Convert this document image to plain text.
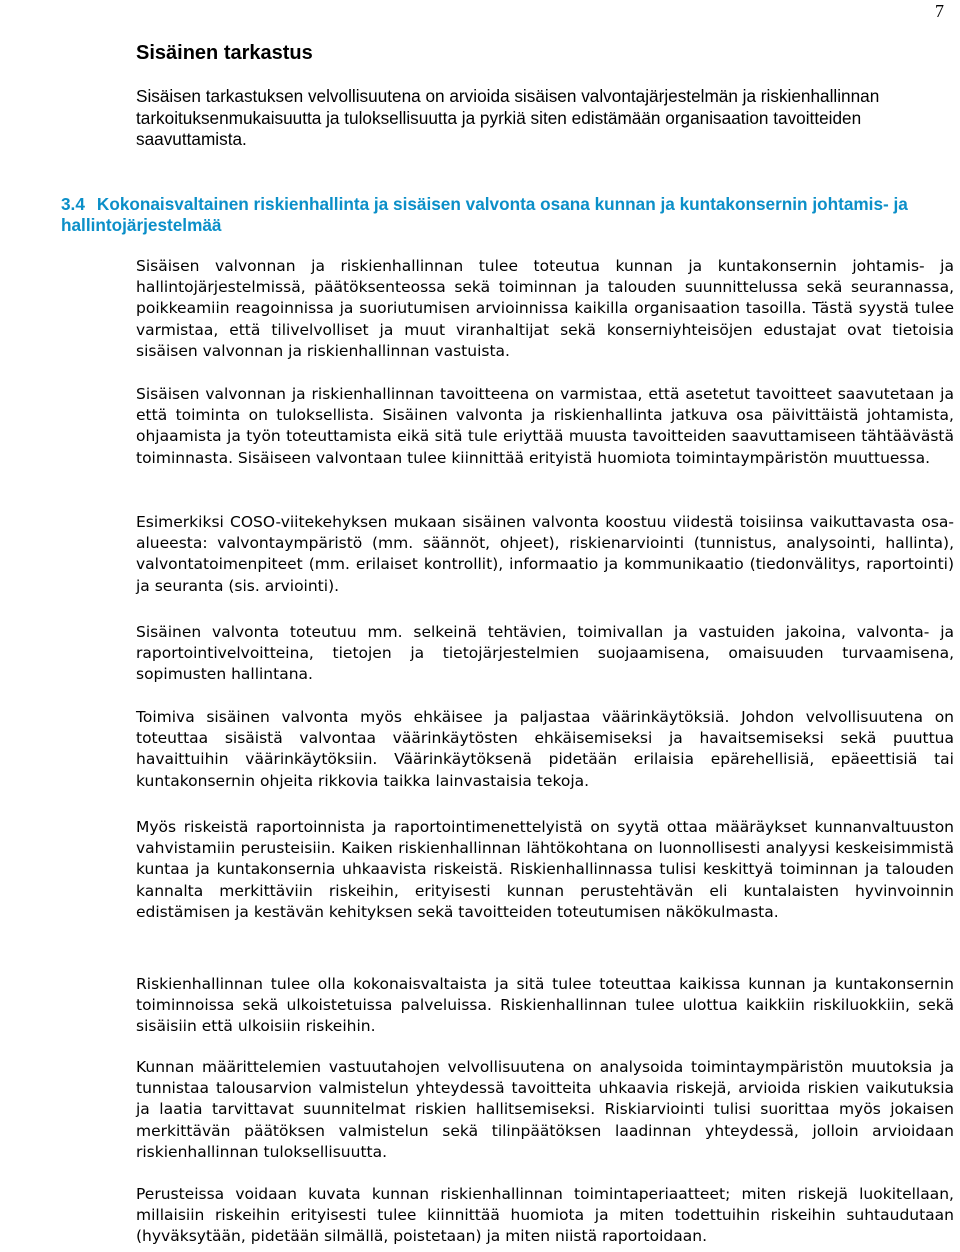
7
Sisäinen tarkastus

Sisäisen tarkastuksen velvollisuutena on arvioida sisäisen valvontajärjestelmän ja riskienhallinnan tarkoituksenmukaisuutta ja tuloksellisuutta ja pyrkiä siten edistämään organisaation tavoitteiden saavuttamista.

3.4 Kokonaisvaltainen riskienhallinta ja sisäisen valvonta osana kunnan ja kuntakonsernin johtamis- ja hallintojärjestelmää

Sisäisen valvonnan ja riskienhallinnan tulee toteutua kunnan ja kuntakonsernin johtamis- ja hallintojärjestelmissä, päätöksenteossa sekä toiminnan ja talouden suunnittelussa sekä seurannassa, poikkeamiin reagoinnissa ja suoriutumisen arvioinnissa kaikilla organisaation tasoilla. Tästä syystä tulee varmistaa, että tilivelvolliset ja muut viranhaltijat sekä konserniyhteisöjen edustajat ovat tietoisia sisäisen valvonnan ja riskienhallinnan vastuista.

Sisäisen valvonnan ja riskienhallinnan tavoitteena on varmistaa, että asetetut tavoitteet saavutetaan ja että toiminta on tuloksellista. Sisäinen valvonta ja riskienhallinta jatkuva osa päivittäistä johtamista, ohjaamista ja työn toteuttamista eikä sitä tule eriyttää muusta tavoitteiden saavuttamiseen tähtäävästä toiminnasta. Sisäiseen valvontaan tulee kiinnittää erityistä huomiota toimintaympäristön muuttuessa.

Esimerkiksi COSO-viitekehyksen mukaan sisäinen valvonta koostuu viidestä toisiinsa vaikuttavasta osa-alueesta: valvontaympäristö (mm. säännöt, ohjeet), riskienarviointi (tunnistus, analysointi, hallinta), valvontatoimenpiteet (mm. erilaiset kontrollit), informaatio ja kommunikaatio (tiedonvälitys, raportointi) ja seuranta (sis. arviointi).

Sisäinen valvonta toteutuu mm. selkeinä tehtävien, toimivallan ja vastuiden jakoina, valvonta- ja raportointivelvoitteina, tietojen ja tietojärjestelmien suojaamisena, omaisuuden turvaamisena, sopimusten hallintana.

Toimiva sisäinen valvonta myös ehkäisee ja paljastaa väärinkäytöksiä. Johdon velvollisuutena on toteuttaa sisäistä valvontaa väärinkäytösten ehkäisemiseksi ja havaitsemiseksi sekä puuttua havaittuihin väärinkäytöksiin. Väärinkäytöksenä pidetään erilaisia epärehellisiä, epäeettisiä tai kuntakonsernin ohjeita rikkovia taikka lainvastaisia tekoja.

Myös riskeistä raportoinnista ja raportointimenettelyistä on syytä ottaa määräykset kunnanvaltuuston vahvistamiin perusteisiin. Kaiken riskienhallinnan lähtökohtana on luonnollisesti analyysi keskeisimmistä kuntaa ja kuntakonsernia uhkaavista riskeistä. Riskienhallinnassa tulisi keskittyä toiminnan ja talouden kannalta merkittäviin riskeihin, erityisesti kunnan perustehtävän eli kuntalaisten hyvinvoinnin edistämisen ja kestävän kehityksen sekä tavoitteiden toteutumisen näkökulmasta.

Riskienhallinnan tulee olla kokonaisvaltaista ja sitä tulee toteuttaa kaikissa kunnan ja kuntakonsernin toiminnoissa sekä ulkoistetuissa palveluissa. Riskienhallinnan tulee ulottua kaikkiin riskiluokkiin, sekä sisäisiin että ulkoisiin riskeihin.

Kunnan määrittelemien vastuutahojen velvollisuutena on analysoida toimintaympäristön muutoksia ja tunnistaa talousarvion valmistelun yhteydessä tavoitteita uhkaavia riskejä, arvioida riskien vaikutuksia ja laatia tarvittavat suunnitelmat riskien hallitsemiseksi. Riskiarviointi tulisi suorittaa myös jokaisen merkittävän päätöksen valmistelun sekä tilinpäätöksen laadinnan yhteydessä, jolloin arvioidaan riskienhallinnan tuloksellisuutta.

Perusteissa voidaan kuvata kunnan riskienhallinnan toimintaperiaatteet; miten riskejä luokitellaan, millaisiin riskeihin erityisesti tulee kiinnittää huomiota ja miten todettuihin riskeihin suhtaudutaan (hyväksytään, pidetään silmällä, poistetaan) ja miten niistä raportoidaan.
